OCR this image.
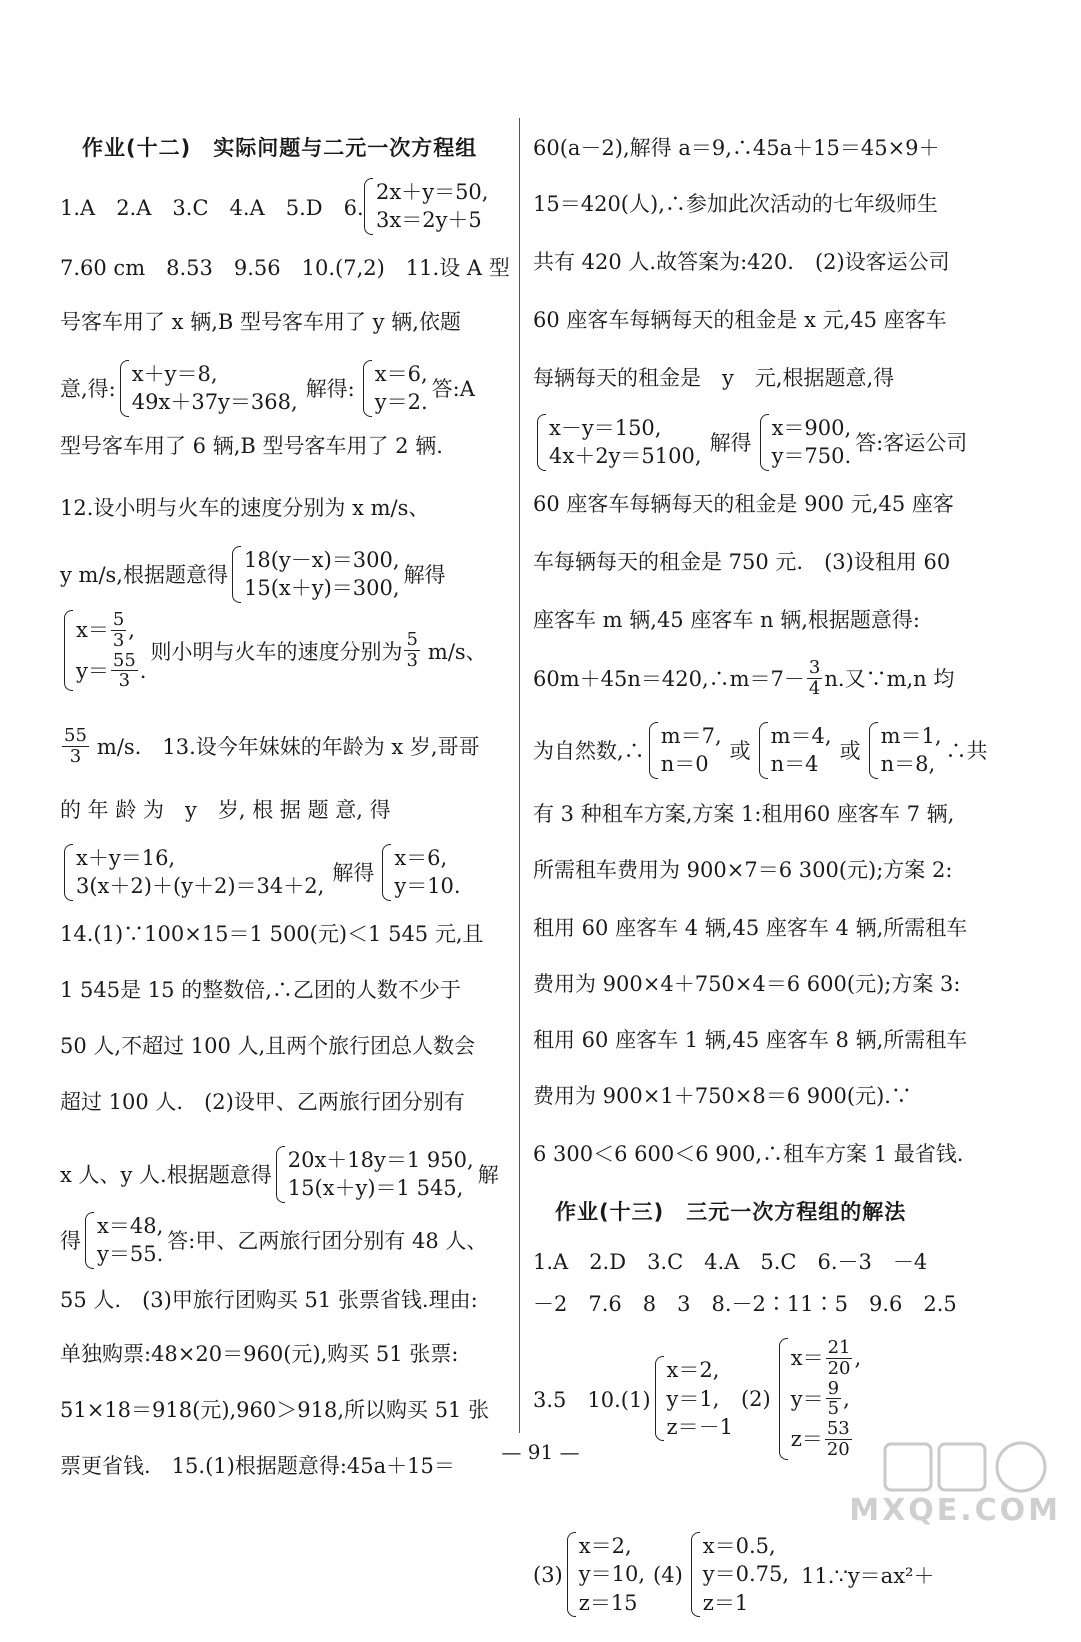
作业(十二)　实际问题与二元一次方程组
1.A　2.A　3.C　4.A　5.D　6.
2x＋y＝50,
3x＝2y＋5
7.60 cm　8.53　9.56　10.(7,2)　11.设 A 型
号客车用了 x 辆,B 型号客车用了 y 辆,依题
意,得:
x＋y＝8,
49x＋37y＝368,
解得:
x＝6,
y＝2.
答:A
型号客车用了 6 辆,B 型号客车用了 2 辆.
12.设小明与火车的速度分别为 x m/s、
y m/s,根据题意得
18(y－x)＝300,
15(x＋y)＝300,
解得
$x= \frac{5}{3}$ ,
$y= \frac{55}{3}$ .
则小明与火车的速度分别为 $\frac{5}{3} m/s$、
$\frac{55}{3} m/s$.　13.设今年妹妹的年龄为 x 岁,哥哥
的 年 龄 为　y　岁, 根 据 题 意, 得
x＋y＝16,
3(x＋2)＋(y＋2)＝34＋2,
解得
x＝6,
y＝10.
14.(1)∵100×15＝1 500(元)＜1 545 元,且
1 545是 15 的整数倍,∴乙团的人数不少于
50 人,不超过 100 人,且两个旅行团总人数会
超过 100 人.　(2)设甲、乙两旅行团分别有
x 人、y 人.根据题意得
20x＋18y＝1 950,
15(x＋y)＝1 545,
解
得
x＝48,
y＝55.
答:甲、乙两旅行团分别有 48 人、
55 人.　(3)甲旅行团购买 51 张票省钱.理由:
单独购票:48×20＝960(元),购买 51 张票:
51×18＝918(元),960＞918,所以购买 51 张
票更省钱.　15.(1)根据题意得:45a＋15＝
60(a－2),解得 a＝9,∴45a＋15＝45×9＋
15＝420(人),∴参加此次活动的七年级师生
共有 420 人.故答案为:420.　(2)设客运公司
60 座客车每辆每天的租金是 x 元,45 座客车
每辆每天的租金是　y　元,根据题意,得
x－y＝150,
4x＋2y＝5100,
解得
x＝900,
y＝750.
答:客运公司
60 座客车每辆每天的租金是 900 元,45 座客
车每辆每天的租金是 750 元.　(3)设租用 60
座客车 m 辆,45 座客车 n 辆,根据题意得:
60m＋45n＝420,∴m＝7－ $\frac{3}{4} n$.又∵m,n 均
为自然数,∴
m＝7,
n＝0
或
m＝4,
n＝4
或
m＝1,
n＝8,
∴共
有 3 种租车方案,方案 1:租用60 座客车 7 辆,
所需租车费用为 900×7＝6 300(元);方案 2:
租用 60 座客车 4 辆,45 座客车 4 辆,所需租车
费用为 900×4＋750×4＝6 600(元);方案 3:
租用 60 座客车 1 辆,45 座客车 8 辆,所需租车
费用为 900×1＋750×8＝6 900(元).∵
6 300＜6 600＜6 900,∴租车方案 1 最省钱.
作业(十三)　三元一次方程组的解法
1.A　2.D　3.C　4.A　5.C　6.－3　－4
－2　7.6　8　3　8.－2∶11∶5　9.6　2.5
3.5　10.(1)
x＝2,
y＝1,
z＝－1
(2)
$x= \frac{21}{20}$ ,
$y= \frac{9}{5}$ ,
$z= \frac{53}{20}$
(3)
x＝2,
y＝10,
z＝15
(4)
x＝0.5,
y＝0.75,
z＝1
11.∵y＝ax²＋
— 91 —
MXQE.COM
